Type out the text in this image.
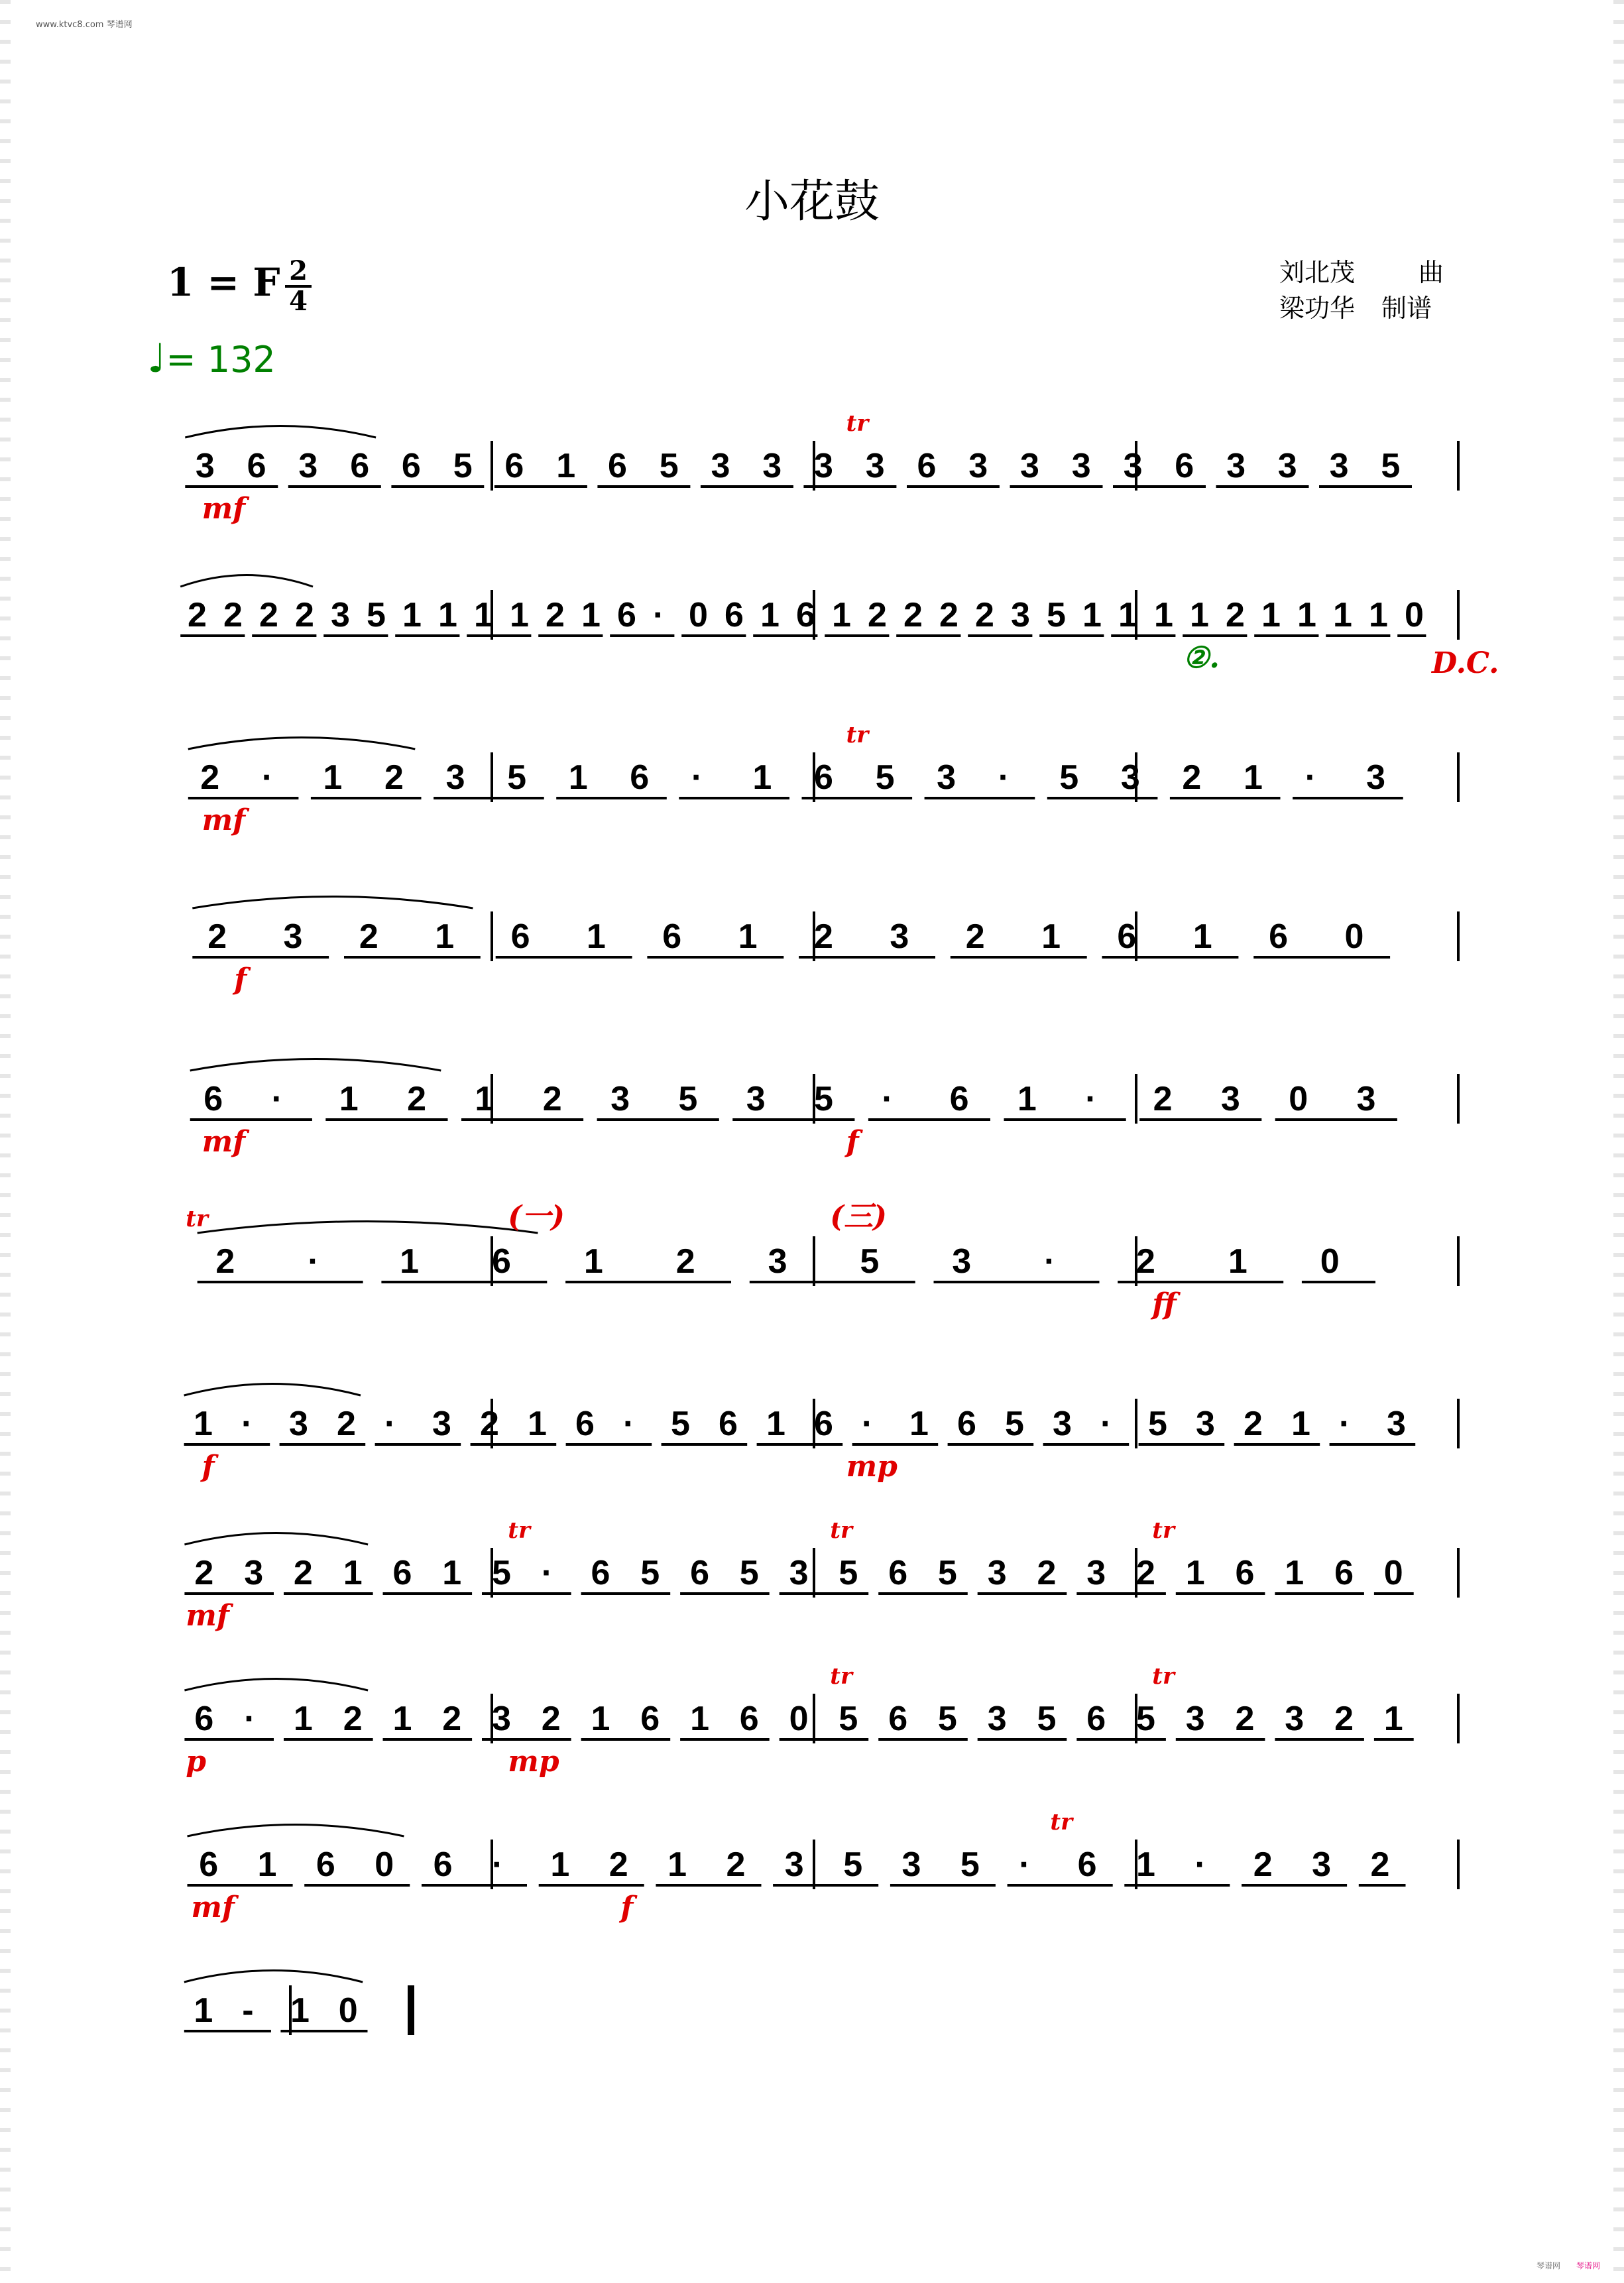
www.ktvc8.com 琴谱网
琴谱网 琴谱网
小花鼓
1 = F 2
4
刘北茂	曲
梁功华 制谱
♩= 132
3 6 3 6 6 5 6 1 6 5 3 3 3 3 6 3 3 3 3 6 3 3 3 5
mf
tr
2 2 2 2 3 5 1 1 1 1 2 1 6 · 0 6 1 6 1 2 2 2 2 3 5 1 1 1 1 2 1 1 1 1 0
②.	D.C.
2 · 1 2 3 5 1 6 · 1 6 5 3 · 5 3 2 1 · 3
mf
tr
2 3 2 1 6 1 6 1 2 3 2 1 6 1 6 0
f
6 · 1 2 1 2 3 5 3 5 · 6 1 · 2 3 0 3
mf	f
2 · 1 6 1 2 3 5 3 · 2 1 0
tr	(一)	(三)
ff
1 · 3 2 · 3 2 1 6 · 5 6 1 6 · 1 6 5 3 · 5 3 2 1 · 3
f	mp
2 3 2 1 6 1 5 · 6 5 6 5 3 5 6 5 3 2 3 2 1 6 1 6 0
mf
tr	tr	tr
6 · 1 2 1 2 3 2 1 6 1 6 0 5 6 5 3 5 6 5 3 2 3 2 1
p	mp
tr	tr
6 1 6 0 6 · 1 2 1 2 3 5 3 5 · 6 1 · 2 3 2
mf	f
tr
1 - 1 0
